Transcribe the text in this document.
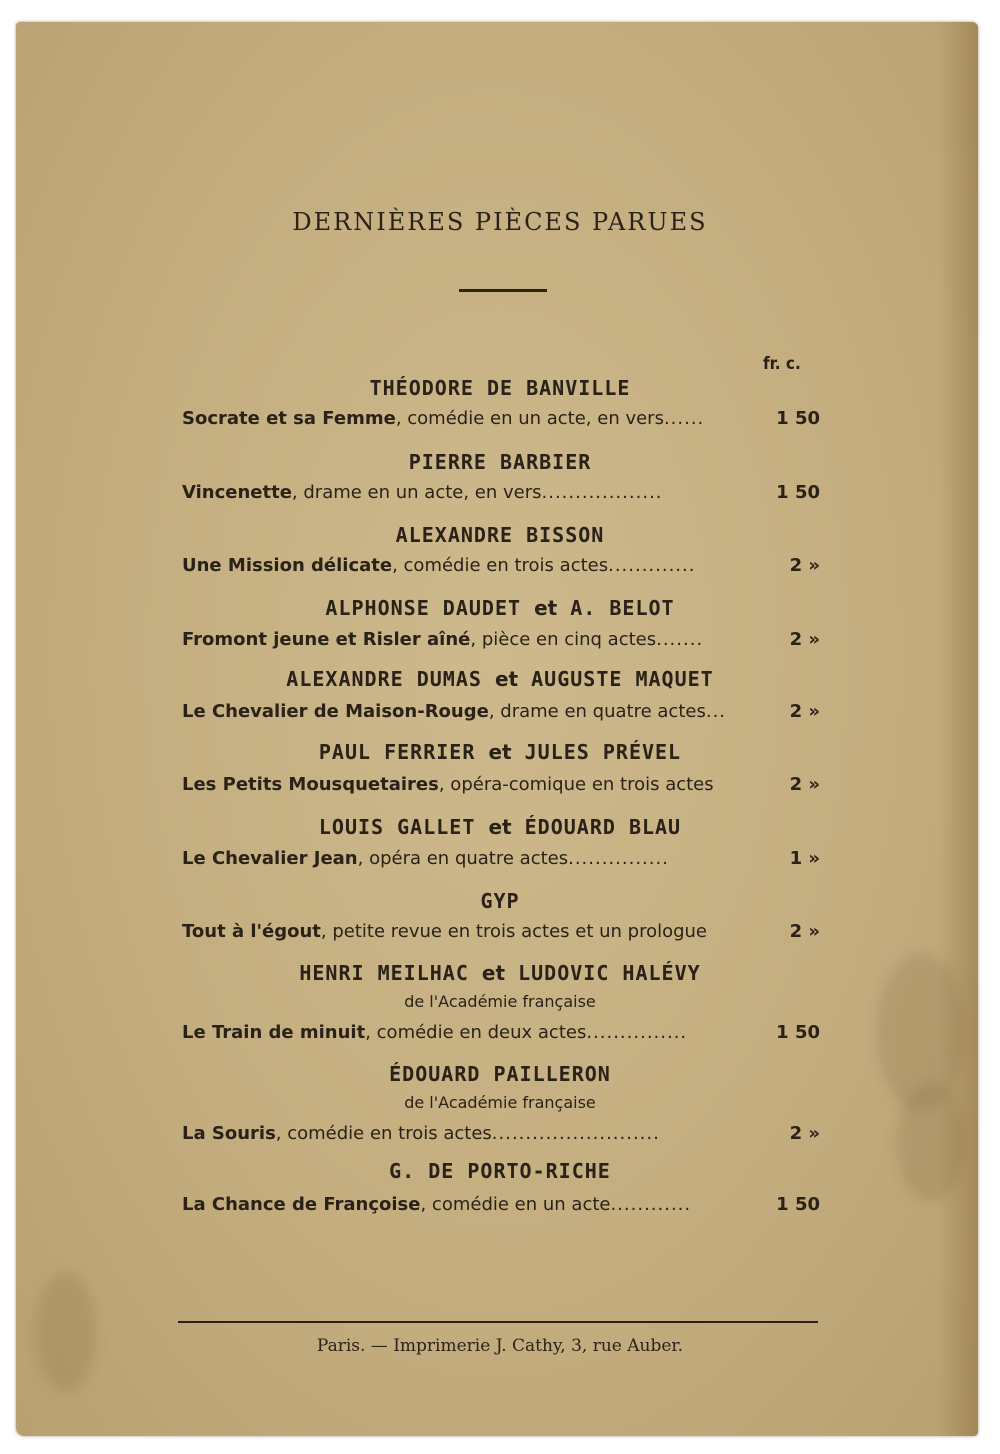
DERNIÈRES PIÈCES PARUES
fr. c.
THÉODORE DE BANVILLE
Socrate et sa Femme, comédie en un acte, en vers......	1 50
PIERRE BARBIER
Vincenette, drame en un acte, en vers..................	1 50
ALEXANDRE BISSON
Une Mission délicate, comédie en trois actes.............	2 »
ALPHONSE DAUDET et A. BELOT
Fromont jeune et Risler aîné, pièce en cinq actes.......	2 »
ALEXANDRE DUMAS et AUGUSTE MAQUET
Le Chevalier de Maison-Rouge, drame en quatre actes...	2 »
PAUL FERRIER et JULES PRÉVEL
Les Petits Mousquetaires, opéra-comique en trois actes	2 »
LOUIS GALLET et ÉDOUARD BLAU
Le Chevalier Jean, opéra en quatre actes...............	1 »
GYP
Tout à l'égout, petite revue en trois actes et un prologue	2 »
HENRI MEILHAC et LUDOVIC HALÉVY
de l'Académie française
Le Train de minuit, comédie en deux actes...............	1 50
ÉDOUARD PAILLERON
de l'Académie française
La Souris, comédie en trois actes.........................	2 »
G. DE PORTO-RICHE
La Chance de Françoise, comédie en un acte............	1 50
Paris. — Imprimerie J. Cathy, 3, rue Auber.
